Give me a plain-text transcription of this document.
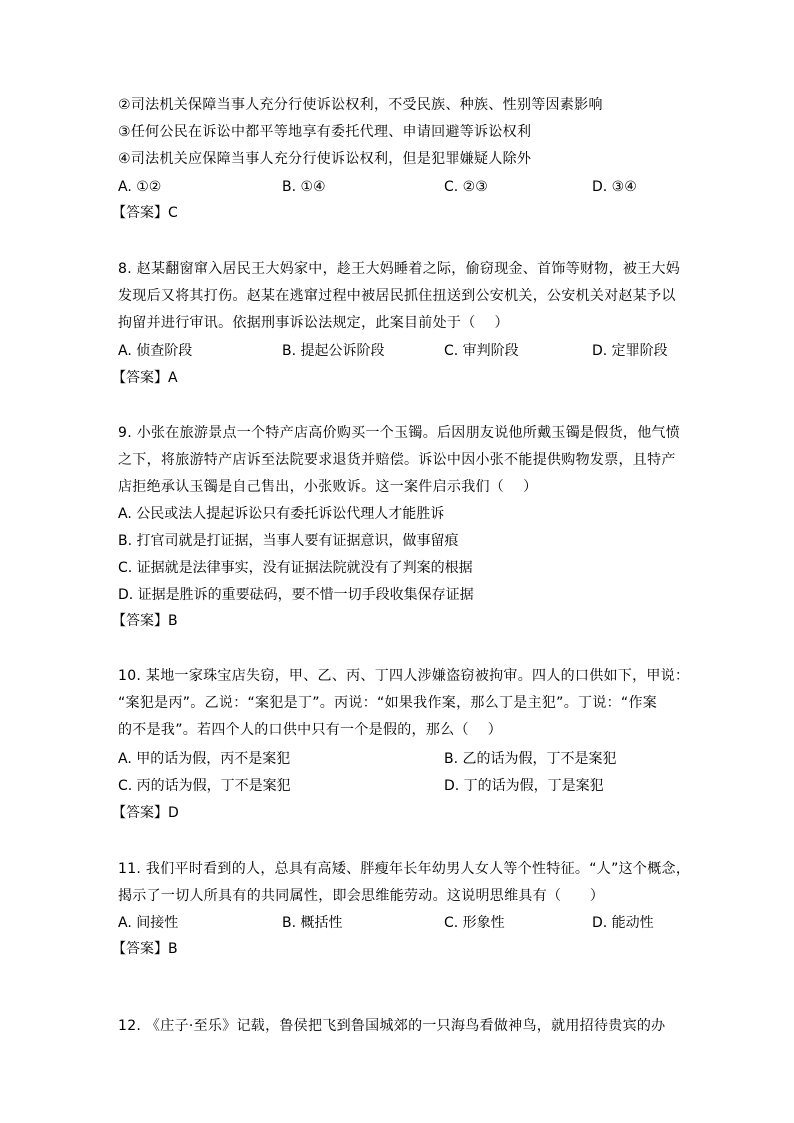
②司法机关保障当事人充分行使诉讼权利，不受民族、种族、性别等因素影响
③任何公民在诉讼中都平等地享有委托代理、申请回避等诉讼权利
④司法机关应保障当事人充分行使诉讼权利，但是犯罪嫌疑人除外
A. ①②	B. ①④	C. ②③	D. ③④
【答案】C
8. 赵某翻窗窜入居民王大妈家中，趁王大妈睡着之际，偷窃现金、首饰等财物，被王大妈
发现后又将其打伤。赵某在逃窜过程中被居民抓住扭送到公安机关，公安机关对赵某予以
拘留并进行审讯。依据刑事诉讼法规定，此案目前处于（　 ）
A. 侦查阶段	B. 提起公诉阶段	C. 审判阶段	D. 定罪阶段
【答案】A
9. 小张在旅游景点一个特产店高价购买一个玉镯。后因朋友说他所戴玉镯是假货，他气愤
之下，将旅游特产店诉至法院要求退货并赔偿。诉讼中因小张不能提供购物发票，且特产
店拒绝承认玉镯是自己售出，小张败诉。这一案件启示我们（　 ）
A. 公民或法人提起诉讼只有委托诉讼代理人才能胜诉
B. 打官司就是打证据，当事人要有证据意识，做事留痕
C. 证据就是法律事实，没有证据法院就没有了判案的根据
D. 证据是胜诉的重要砝码，要不惜一切手段收集保存证据
【答案】B
10. 某地一家珠宝店失窃，甲、乙、丙、丁四人涉嫌盗窃被拘审。四人的口供如下，甲说：
“案犯是丙”。乙说：“案犯是丁”。丙说：“如果我作案，那么丁是主犯”。丁说：“作案
的不是我”。若四个人的口供中只有一个是假的，那么（　 ）
A. 甲的话为假，丙不是案犯	B. 乙的话为假，丁不是案犯
C. 丙的话为假，丁不是案犯	D. 丁的话为假，丁是案犯
【答案】D
11. 我们平时看到的人，总具有高矮、胖瘦年长年幼男人女人等个性特征。“人”这个概念，
揭示了一切人所具有的共同属性，即会思维能劳动。这说明思维具有（　　）
A. 间接性	B. 概括性	C. 形象性	D. 能动性
【答案】B
12. 《庄子·至乐》记载，鲁侯把飞到鲁国城郊的一只海鸟看做神鸟，就用招待贵宾的办
